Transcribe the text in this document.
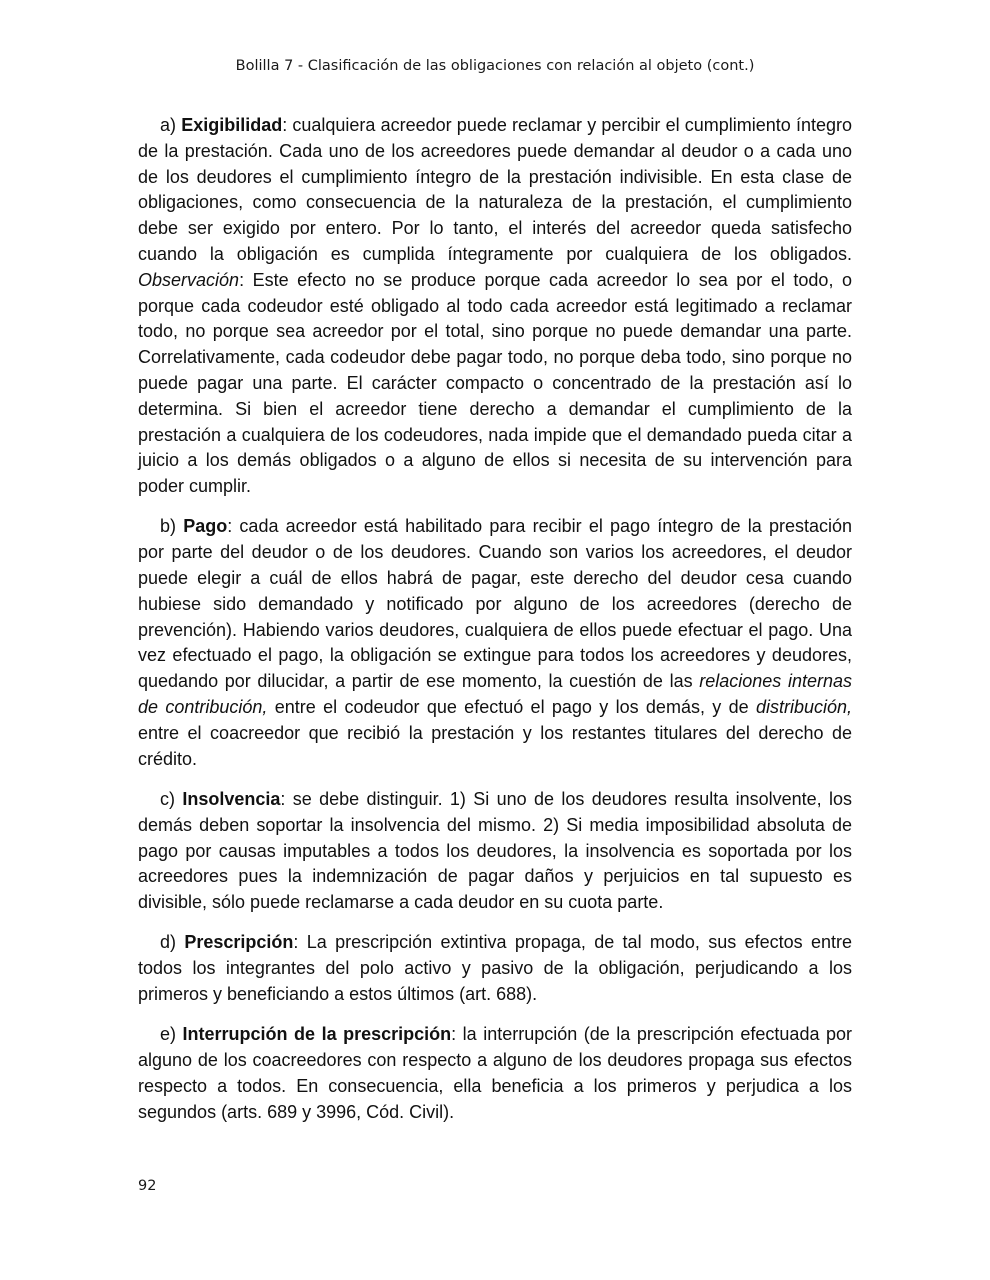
Bolilla 7 - Clasificación de las obligaciones con relación al objeto (cont.)

a) Exigibilidad: cualquiera acreedor puede reclamar y percibir el cumplimiento íntegro de la prestación. Cada uno de los acreedores puede demandar al deudor o a cada uno de los deudores el cumplimiento íntegro de la prestación indivisible. En esta clase de obligaciones, como consecuencia de la naturaleza de la prestación, el cumplimiento debe ser exigido por entero. Por lo tanto, el interés del acreedor queda satisfecho cuando la obligación es cumplida íntegramente por cualquiera de los obligados. Observación: Este efecto no se produce porque cada acreedor lo sea por el todo, o porque cada codeudor esté obligado al todo cada acreedor está legitimado a reclamar todo, no porque sea acreedor por el total, sino porque no puede demandar una parte. Correlativamente, cada codeudor debe pagar todo, no porque deba todo, sino porque no puede pagar una parte. El carácter compacto o concentrado de la prestación así lo determina. Si bien el acreedor tiene derecho a demandar el cumplimiento de la prestación a cualquiera de los codeudores, nada impide que el demandado pueda citar a juicio a los demás obligados o a alguno de ellos si necesita de su intervención para poder cumplir.

b) Pago: cada acreedor está habilitado para recibir el pago íntegro de la prestación por parte del deudor o de los deudores. Cuando son varios los acreedores, el deudor puede elegir a cuál de ellos habrá de pagar, este derecho del deudor cesa cuando hubiese sido demandado y notificado por alguno de los acreedores (derecho de prevención). Habiendo varios deudores, cualquiera de ellos puede efectuar el pago. Una vez efectuado el pago, la obligación se extingue para todos los acreedores y deudores, quedando por dilucidar, a partir de ese momento, la cuestión de las relaciones internas de contribución, entre el codeudor que efectuó el pago y los demás, y de distribución, entre el coacreedor que recibió la prestación y los restantes titulares del derecho de crédito.

c) Insolvencia: se debe distinguir. 1) Si uno de los deudores resulta insolvente, los demás deben soportar la insolvencia del mismo. 2) Si media imposibilidad absoluta de pago por causas imputables a todos los deudores, la insolvencia es soportada por los acreedores pues la indemnización de pagar daños y perjuicios en tal supuesto es divisible, sólo puede reclamarse a cada deudor en su cuota parte.

d) Prescripción: La prescripción extintiva propaga, de tal modo, sus efectos entre todos los integrantes del polo activo y pasivo de la obligación, perjudicando a los primeros y beneficiando a estos últimos (art. 688).

e) Interrupción de la prescripción: la interrupción (de la prescripción efectuada por alguno de los coacreedores con respecto a alguno de los deudores propaga sus efectos respecto a todos. En consecuencia, ella beneficia a los primeros y perjudica a los segundos (arts. 689 y 3996, Cód. Civil).

92
